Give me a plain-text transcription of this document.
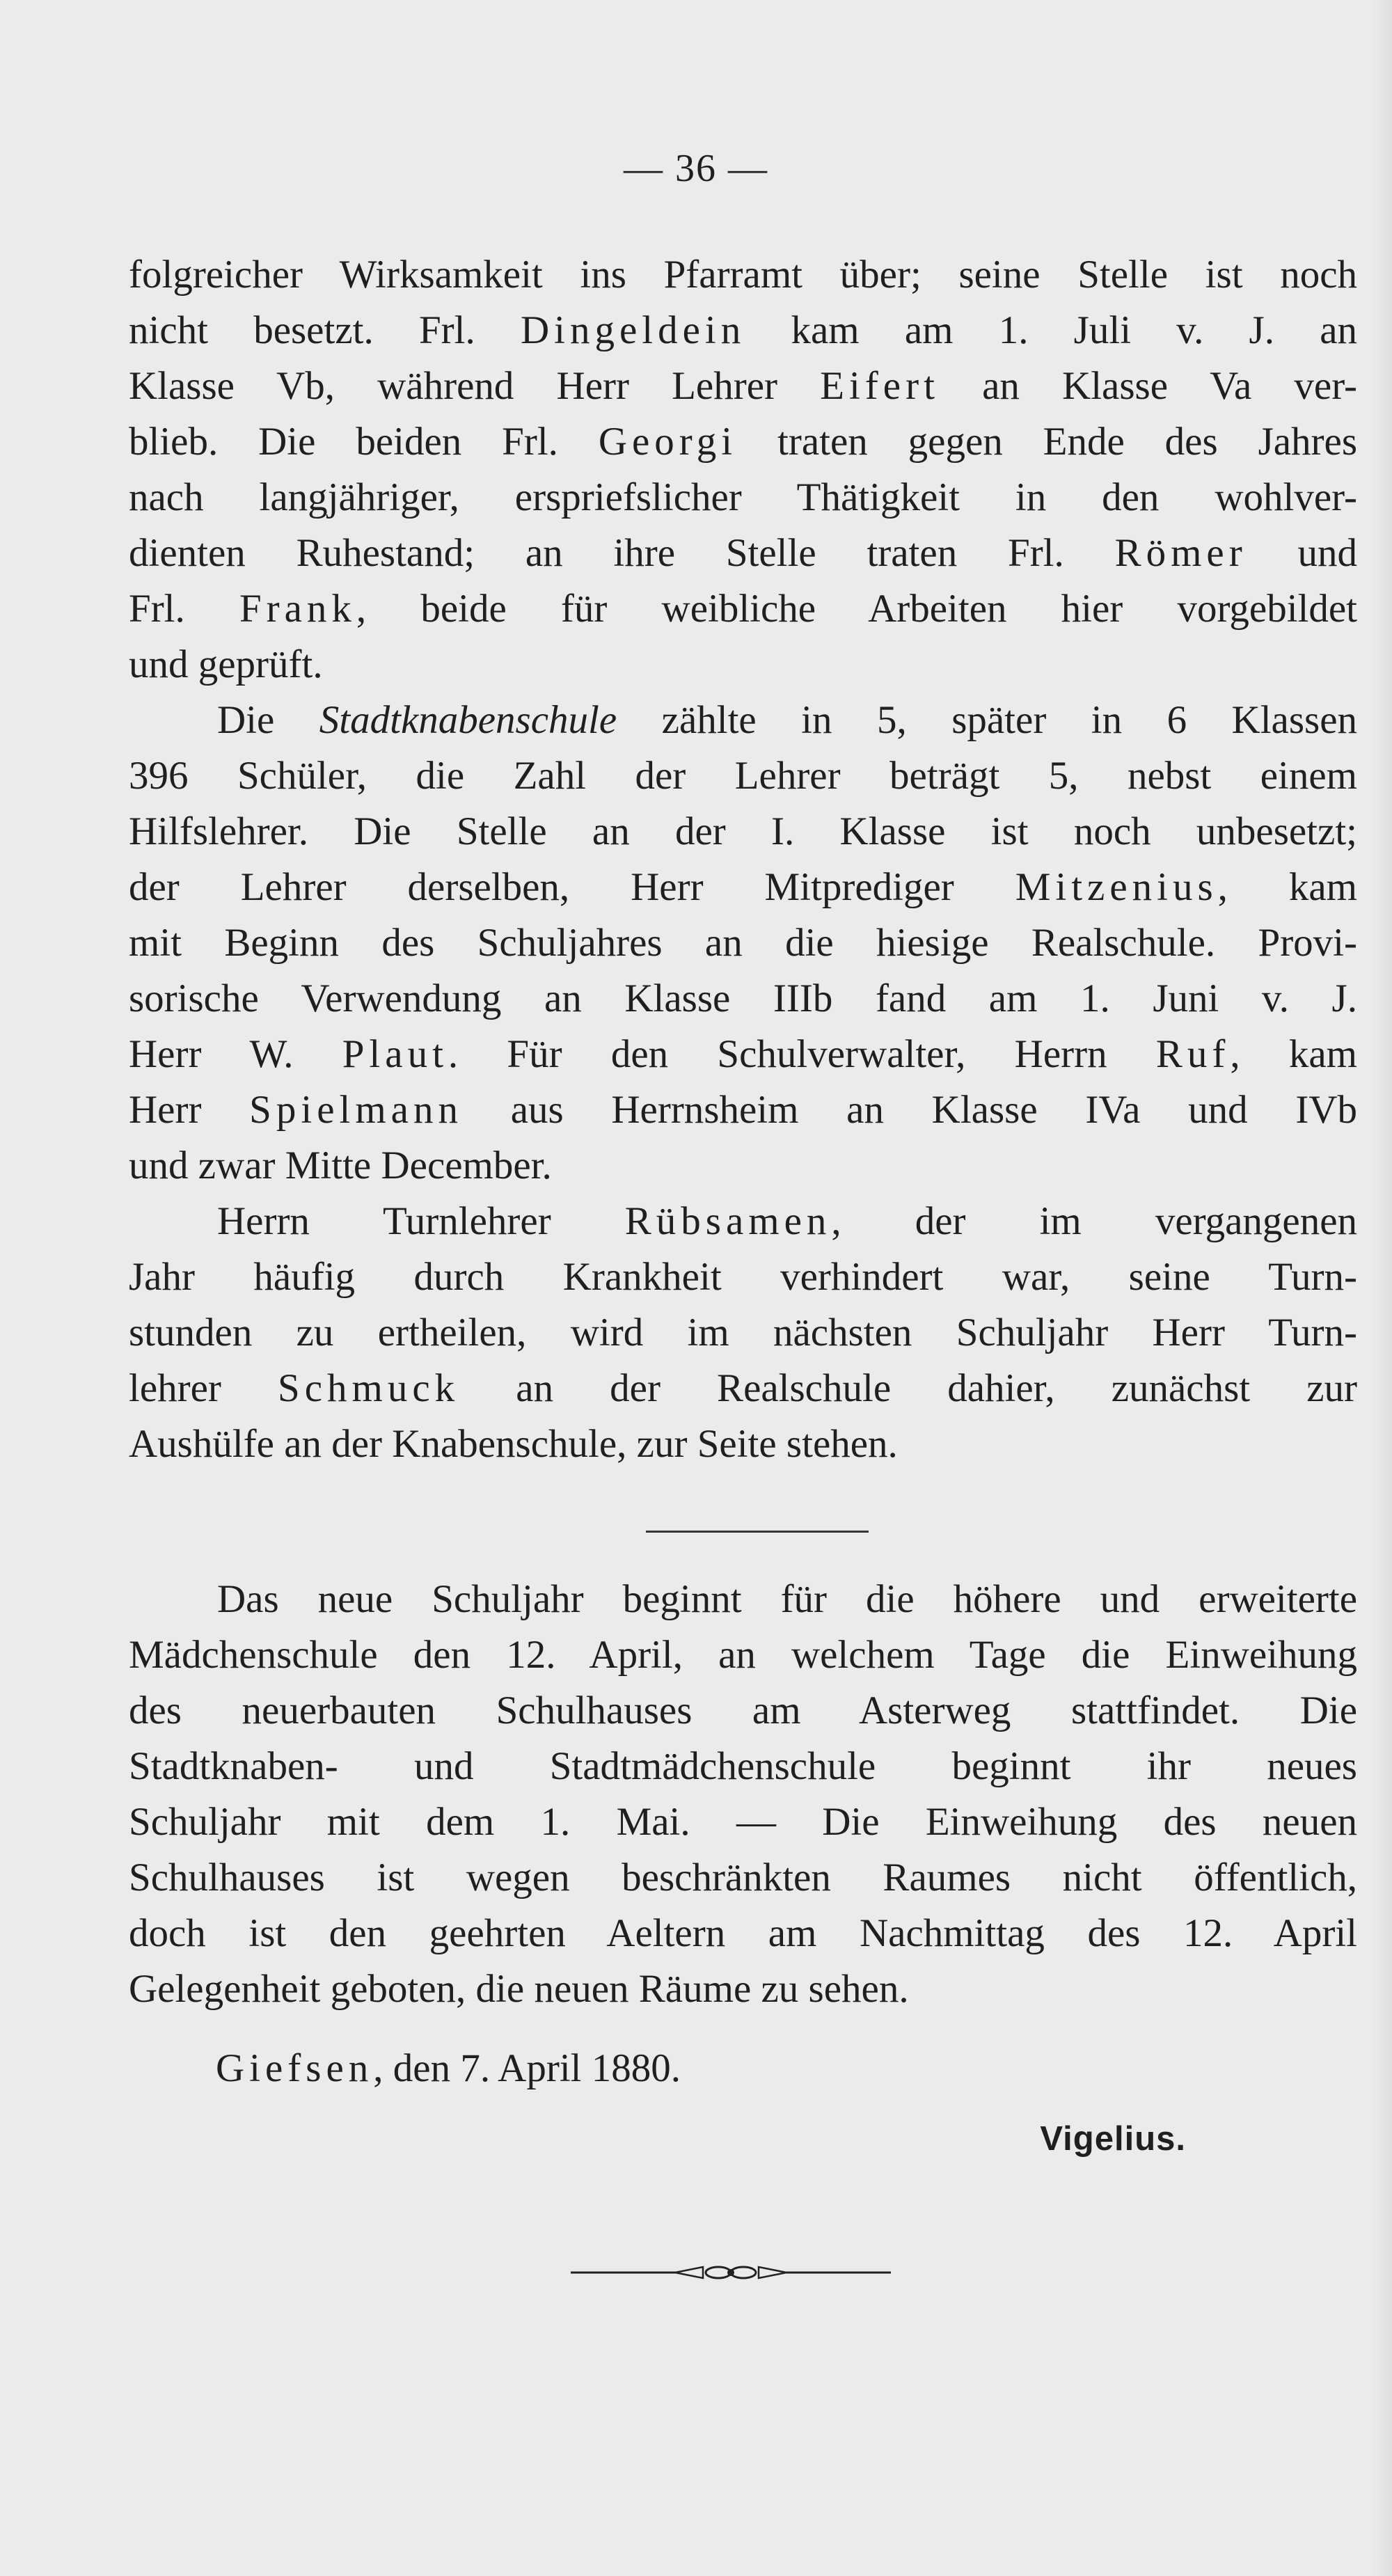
— 36 —
folgreicher Wirksamkeit ins Pfarramt über; seine Stelle ist noch
nicht besetzt. Frl. Dingeldein kam am 1. Juli v. J. an
Klasse Vb, während Herr Lehrer Eifert an Klasse Va ver-
blieb. Die beiden Frl. Georgi traten gegen Ende des Jahres
nach langjähriger, erspriefslicher Thätigkeit in den wohlver-
dienten Ruhestand; an ihre Stelle traten Frl. Römer und
Frl. Frank, beide für weibliche Arbeiten hier vorgebildet
und geprüft.
Die Stadtknabenschule zählte in 5, später in 6 Klassen
396 Schüler, die Zahl der Lehrer beträgt 5, nebst einem
Hilfslehrer. Die Stelle an der I. Klasse ist noch unbesetzt;
der Lehrer derselben, Herr Mitprediger Mitzenius, kam
mit Beginn des Schuljahres an die hiesige Realschule. Provi-
sorische Verwendung an Klasse IIIb fand am 1. Juni v. J.
Herr W. Plaut. Für den Schulverwalter, Herrn Ruf, kam
Herr Spielmann aus Herrnsheim an Klasse IVa und IVb
und zwar Mitte December.
Herrn Turnlehrer Rübsamen, der im vergangenen
Jahr häufig durch Krankheit verhindert war, seine Turn-
stunden zu ertheilen, wird im nächsten Schuljahr Herr Turn-
lehrer Schmuck an der Realschule dahier, zunächst zur
Aushülfe an der Knabenschule, zur Seite stehen.
Das neue Schuljahr beginnt für die höhere und erweiterte
Mädchenschule den 12. April, an welchem Tage die Einweihung
des neuerbauten Schulhauses am Asterweg stattfindet. Die
Stadtknaben- und Stadtmädchenschule beginnt ihr neues
Schuljahr mit dem 1. Mai. — Die Einweihung des neuen
Schulhauses ist wegen beschränkten Raumes nicht öffentlich,
doch ist den geehrten Aeltern am Nachmittag des 12. April
Gelegenheit geboten, die neuen Räume zu sehen.
Giefsen, den 7. April 1880.
Vigelius.
